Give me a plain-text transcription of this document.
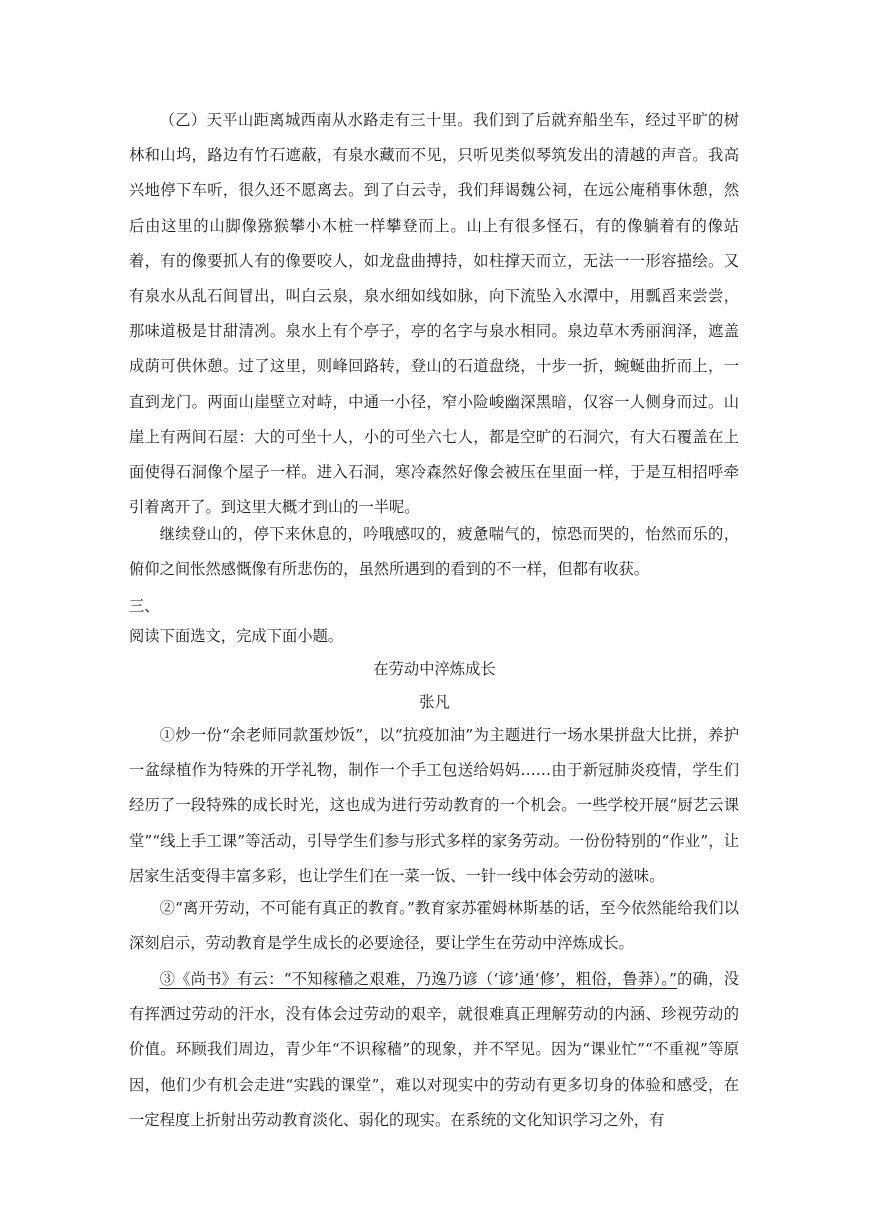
（乙）天平山距离城西南从水路走有三十里。我们到了后就弃船坐车，经过平旷的树林和山坞，路边有竹石遮蔽，有泉水藏而不见，只听见类似琴筑发出的清越的声音。我高兴地停下车听，很久还不愿离去。到了白云寺，我们拜谒魏公祠，在远公庵稍事休憩，然后由这里的山脚像猕猴攀小木桩一样攀登而上。山上有很多怪石，有的像躺着有的像站着，有的像要抓人有的像要咬人，如龙盘曲搏持，如柱撑天而立，无法一一形容描绘。又有泉水从乱石间冒出，叫白云泉，泉水细如线如脉，向下流坠入水潭中，用瓢舀来尝尝，那味道极是甘甜清冽。泉水上有个亭子，亭的名字与泉水相同。泉边草木秀丽润泽，遮盖成荫可供休憩。过了这里，则峰回路转，登山的石道盘绕，十步一折，蜿蜒曲折而上，一直到龙门。两面山崖壁立对峙，中通一小径，窄小险峻幽深黑暗，仅容一人侧身而过。山崖上有两间石屋：大的可坐十人，小的可坐六七人，都是空旷的石洞穴，有大石覆盖在上面使得石洞像个屋子一样。进入石洞，寒冷森然好像会被压在里面一样，于是互相招呼牵引着离开了。到这里大概才到山的一半呢。

继续登山的，停下来休息的，吟哦感叹的，疲惫喘气的，惊恐而哭的，怡然而乐的，俯仰之间怅然感慨像有所悲伤的，虽然所遇到的看到的不一样，但都有收获。

三、

阅读下面选文，完成下面小题。

在劳动中淬炼成长

张凡

①炒一份“余老师同款蛋炒饭”，以“抗疫加油”为主题进行一场水果拼盘大比拼，养护一盆绿植作为特殊的开学礼物，制作一个手工包送给妈妈……由于新冠肺炎疫情，学生们经历了一段特殊的成长时光，这也成为进行劳动教育的一个机会。一些学校开展“厨艺云课堂”“线上手工课”等活动，引导学生们参与形式多样的家务劳动。一份份特别的“作业”，让居家生活变得丰富多彩，也让学生们在一菜一饭、一针一线中体会劳动的滋味。

②“离开劳动，不可能有真正的教育。”教育家苏霍姆林斯基的话，至今依然能给我们以深刻启示，劳动教育是学生成长的必要途径，要让学生在劳动中淬炼成长。

③《尚书》有云：“不知稼穑之艰难，乃逸乃谚（‘谚’通‘修’，粗俗，鲁莽）。”的确，没有挥洒过劳动的汗水，没有体会过劳动的艰辛，就很难真正理解劳动的内涵、珍视劳动的价值。环顾我们周边，青少年“不识稼穑”的现象，并不罕见。因为“课业忙”“不重视”等原因，他们少有机会走进“实践的课堂”，难以对现实中的劳动有更多切身的体验和感受，在一定程度上折射出劳动教育淡化、弱化的现实。在系统的文化知识学习之外，有
